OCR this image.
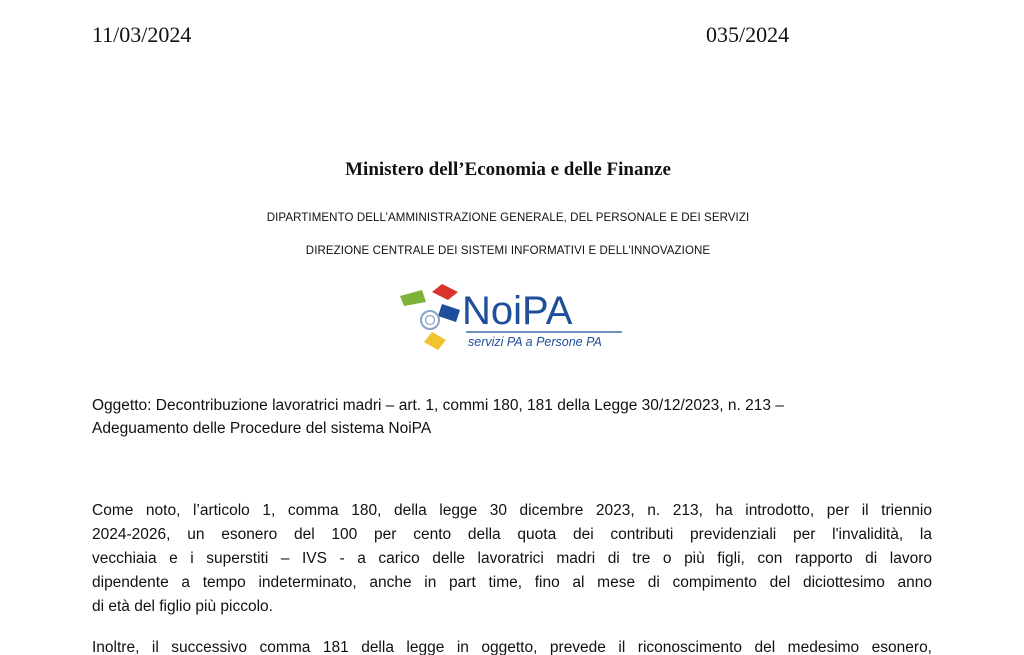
11/03/2024	035/2024
Ministero dell’Economia e delle Finanze
DIPARTIMENTO DELL’AMMINISTRAZIONE GENERALE, DEL PERSONALE E DEI SERVIZI
DIREZIONE CENTRALE DEI SISTEMI INFORMATIVI E DELL’INNOVAZIONE
NoiPA
servizi PA a Persone PA
Oggetto: Decontribuzione lavoratrici madri – art. 1, commi 180, 181 della Legge 30/12/2023, n. 213 –
Adeguamento delle Procedure del sistema NoiPA
Come noto, l’articolo 1, comma 180, della legge 30 dicembre 2023, n. 213, ha introdotto, per il triennio
2024-2026, un esonero del 100 per cento della quota dei contributi previdenziali per l'invalidità, la
vecchiaia e i superstiti – IVS - a carico delle lavoratrici madri di tre o più figli, con rapporto di lavoro
dipendente a tempo indeterminato, anche in part time, fino al mese di compimento del diciottesimo anno
di età del figlio più piccolo.
Inoltre, il successivo comma 181 della legge in oggetto, prevede il riconoscimento del medesimo esonero,
